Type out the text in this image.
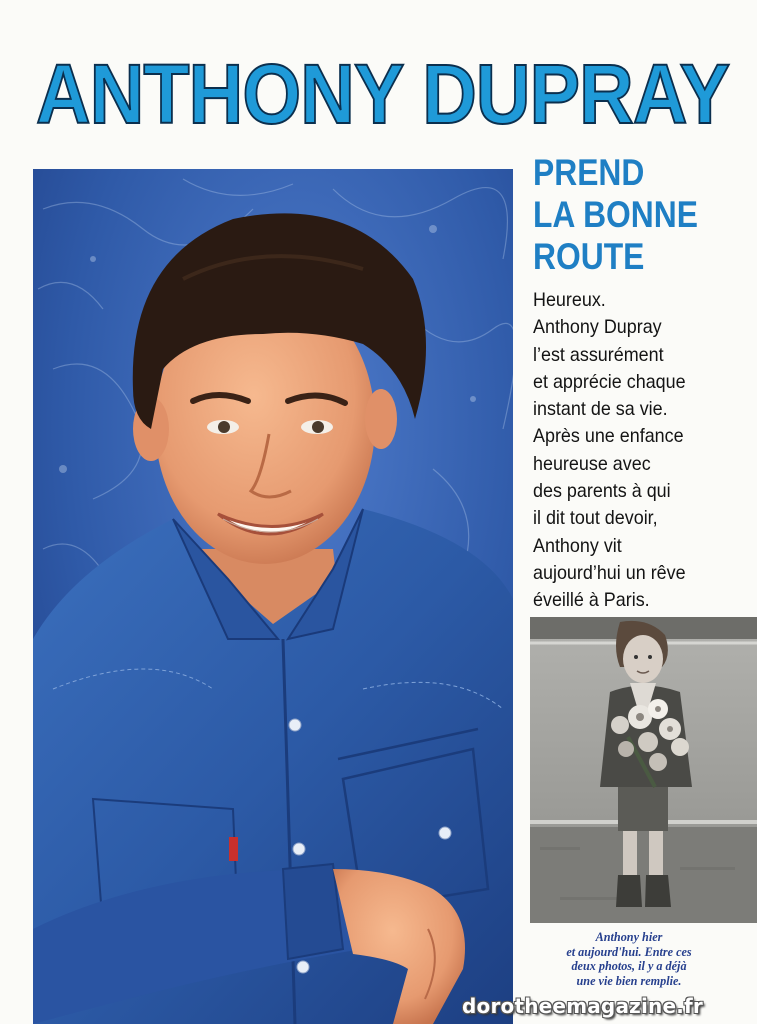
ANTHONY DUPRAY
PREND
LA BONNE
ROUTE

Heureux.
Anthony Dupray
l’est assurément
et apprécie chaque
instant de sa vie.
Après une enfance
heureuse avec
des parents à qui
il dit tout devoir,
Anthony vit
aujourd’hui un rêve
éveillé à Paris.

Anthony hier
et aujourd'hui. Entre ces
deux photos, il y a déjà
une vie bien remplie.

dorotheemagazine.fr
